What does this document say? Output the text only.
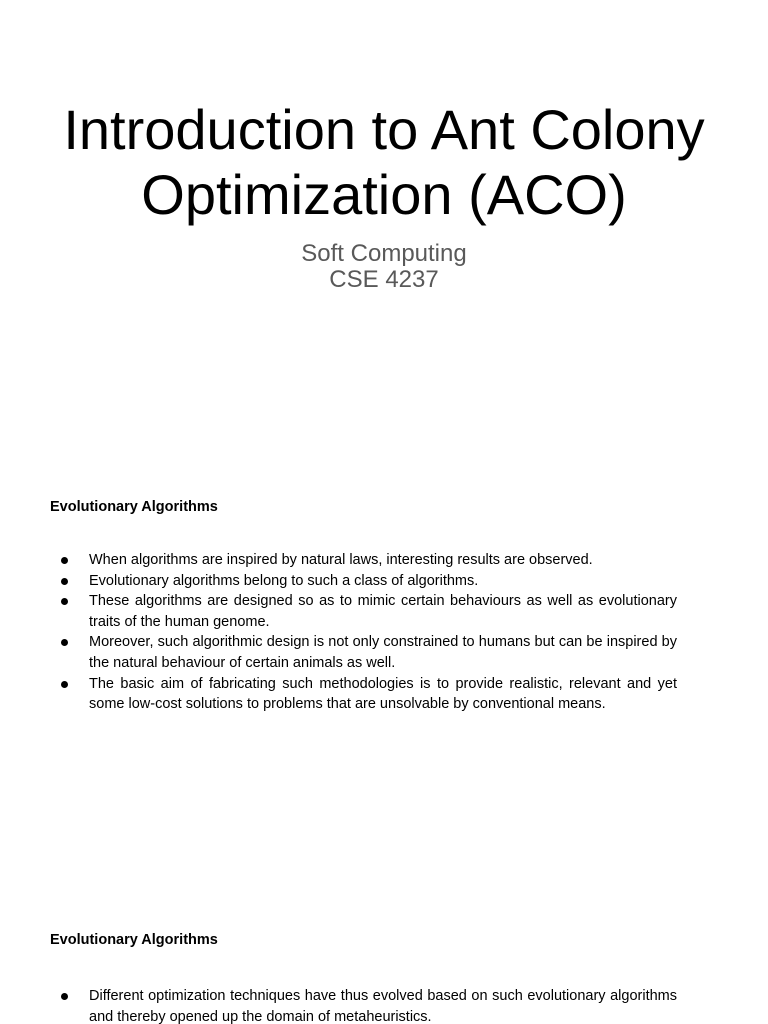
Introduction to Ant Colony
Optimization (ACO)
Soft Computing
CSE 4237
Evolutionary Algorithms
When algorithms are inspired by natural laws, interesting results are observed.
Evolutionary algorithms belong to such a class of algorithms.
These algorithms are designed so as to mimic certain behaviours as well as evolutionary traits of the human genome.
Moreover, such algorithmic design is not only constrained to humans but can be inspired by the natural behaviour of certain animals as well.
The basic aim of fabricating such methodologies is to provide realistic, relevant and yet some low-cost solutions to problems that are unsolvable by conventional means.
Evolutionary Algorithms
Different optimization techniques have thus evolved based on such evolutionary algorithms and thereby opened up the domain of metaheuristics.
